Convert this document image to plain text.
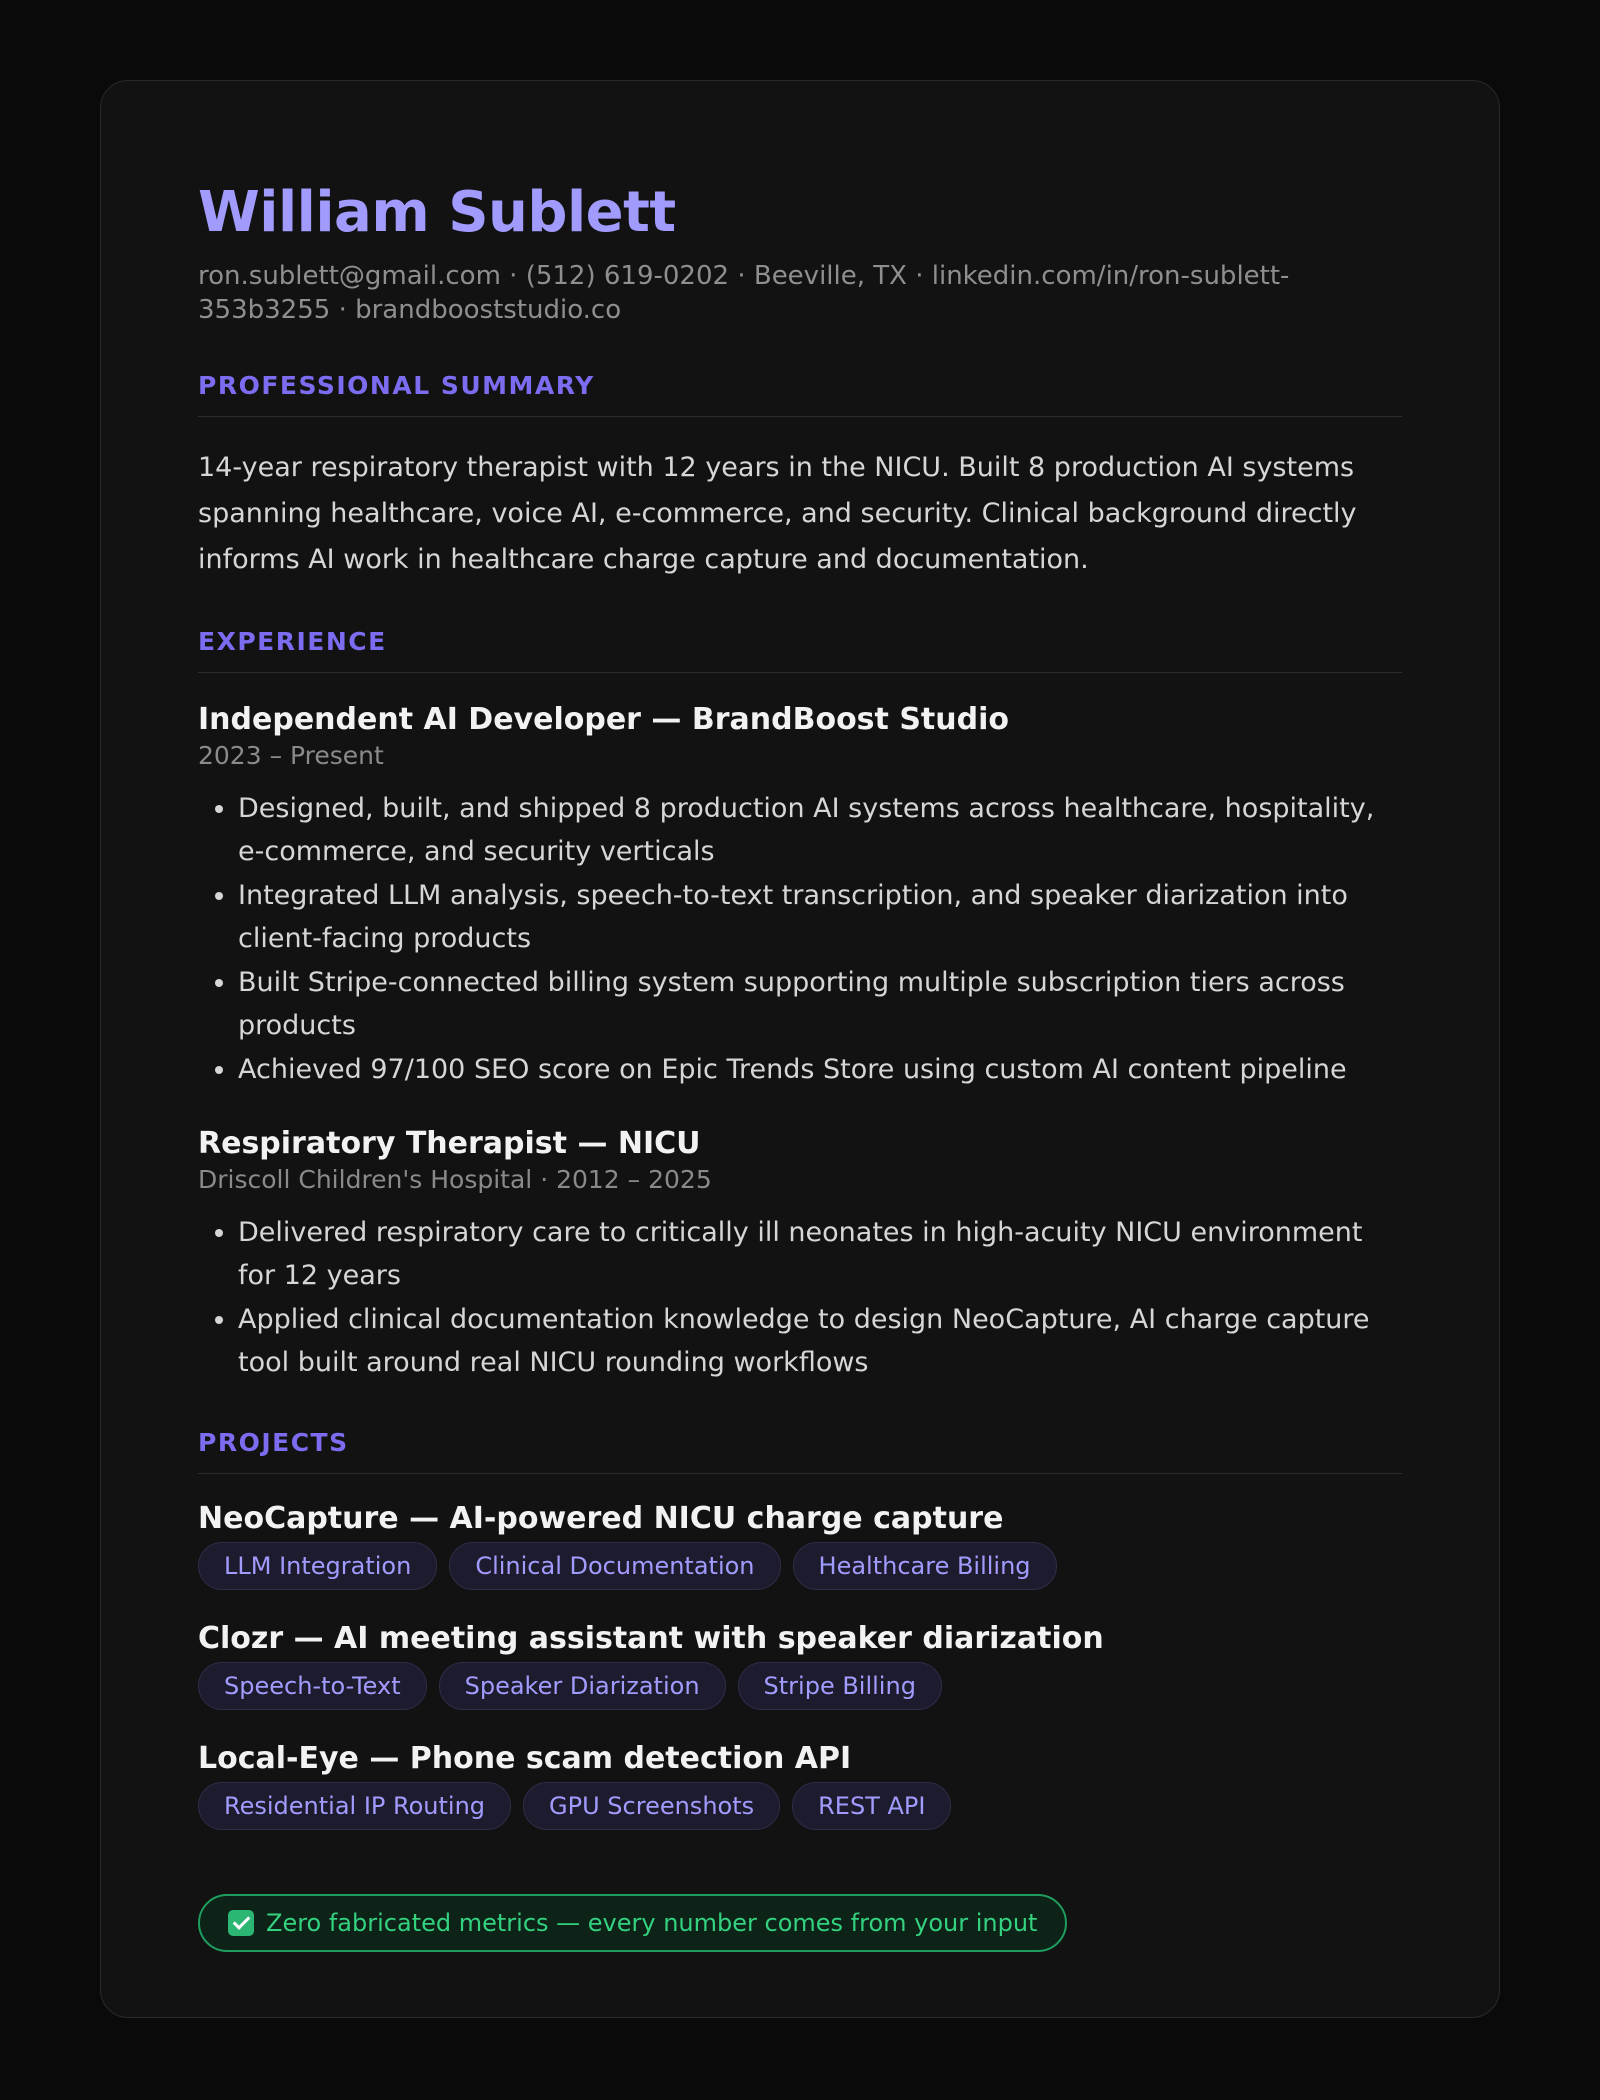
William Sublett
ron.sublett@gmail.com · (512) 619-0202 · Beeville, TX · linkedin.com/in/ron-sublett-
353b3255 · brandbooststudio.co
PROFESSIONAL SUMMARY
14-year respiratory therapist with 12 years in the NICU. Built 8 production AI systems spanning healthcare, voice AI, e-commerce, and security. Clinical background directly informs AI work in healthcare charge capture and documentation.
EXPERIENCE
Independent AI Developer — BrandBoost Studio
2023 – Present
• Designed, built, and shipped 8 production AI systems across healthcare, hospitality, e-commerce, and security verticals
• Integrated LLM analysis, speech-to-text transcription, and speaker diarization into client-facing products
• Built Stripe-connected billing system supporting multiple subscription tiers across products
• Achieved 97/100 SEO score on Epic Trends Store using custom AI content pipeline
Respiratory Therapist — NICU
Driscoll Children's Hospital · 2012 – 2025
• Delivered respiratory care to critically ill neonates in high-acuity NICU environment for 12 years
• Applied clinical documentation knowledge to design NeoCapture, AI charge capture tool built around real NICU rounding workflows
PROJECTS
NeoCapture — AI-powered NICU charge capture
LLM Integration	Clinical Documentation	Healthcare Billing
Clozr — AI meeting assistant with speaker diarization
Speech-to-Text	Speaker Diarization	Stripe Billing
Local-Eye — Phone scam detection API
Residential IP Routing	GPU Screenshots	REST API
Zero fabricated metrics — every number comes from your input
